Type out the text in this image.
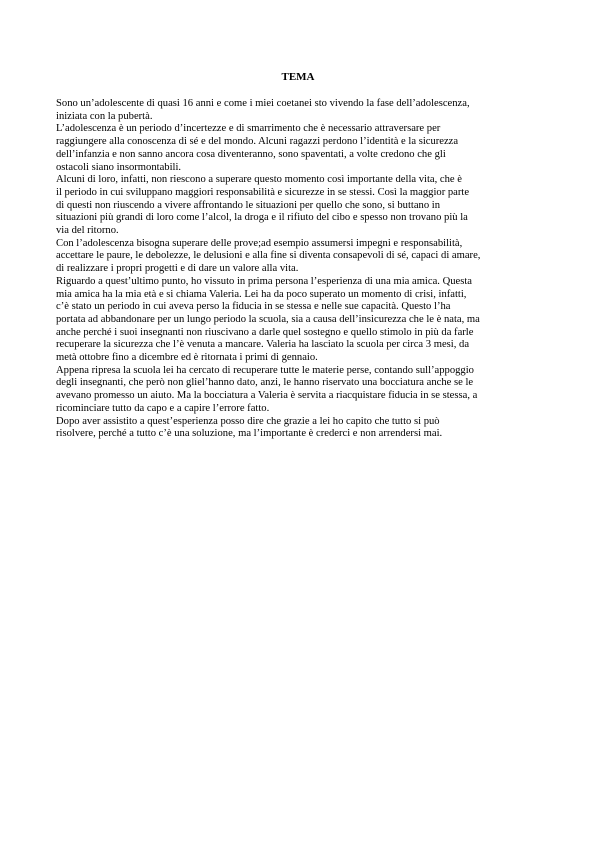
TEMA
Sono un’adolescente di quasi 16 anni e come i miei coetanei sto vivendo la fase dell’adolescenza,
iniziata con la pubertà.
L’adolescenza è un periodo d’incertezze e di smarrimento che è necessario attraversare per
raggiungere alla conoscenza di sé e del mondo. Alcuni ragazzi perdono l’identità e la sicurezza
dell’infanzia e non sanno ancora cosa diventeranno, sono spaventati, a volte credono che gli
ostacoli siano insormontabili.
Alcuni di loro, infatti, non riescono a superare questo momento così importante della vita, che è
il periodo in cui sviluppano maggiori responsabilità e sicurezze in se stessi. Così la maggior parte
di questi non riuscendo a vivere affrontando le situazioni per quello che sono, si buttano in
situazioni più grandi di loro come l’alcol, la droga e il rifiuto del cibo e spesso non trovano più la
via del ritorno.
Con l’adolescenza bisogna superare delle prove;ad esempio assumersi impegni e responsabilità,
accettare le paure, le debolezze, le delusioni e alla fine si diventa consapevoli di sé, capaci di amare,
di realizzare i propri progetti e di dare un valore alla vita.
Riguardo a quest’ultimo punto, ho vissuto in prima persona l’esperienza di una mia amica. Questa
mia amica ha la mia età e si chiama Valeria. Lei ha da poco superato un momento di crisi, infatti,
c’è stato un periodo in cui aveva perso la fiducia in se stessa e nelle sue capacità. Questo l’ha
portata ad abbandonare per un lungo periodo la scuola, sia a causa dell’insicurezza che le è nata, ma
anche perché i suoi insegnanti non riuscivano a darle quel sostegno e quello stimolo in più da farle
recuperare la sicurezza che l’è venuta a mancare. Valeria ha lasciato la scuola per circa 3 mesi, da
metà ottobre fino a dicembre ed è ritornata i primi di gennaio.
Appena ripresa la scuola lei ha cercato di recuperare tutte le materie perse, contando sull’appoggio
degli insegnanti, che però non gliel’hanno dato, anzi, le hanno riservato una bocciatura anche se le
avevano promesso un aiuto. Ma la bocciatura a Valeria è servita a riacquistare fiducia in se stessa, a
ricominciare tutto da capo e a capire l’errore fatto.
Dopo aver assistito a quest’esperienza posso dire che grazie a lei ho capito che tutto si può
risolvere, perché a tutto c’è una soluzione, ma l’importante è crederci e non arrendersi mai.
